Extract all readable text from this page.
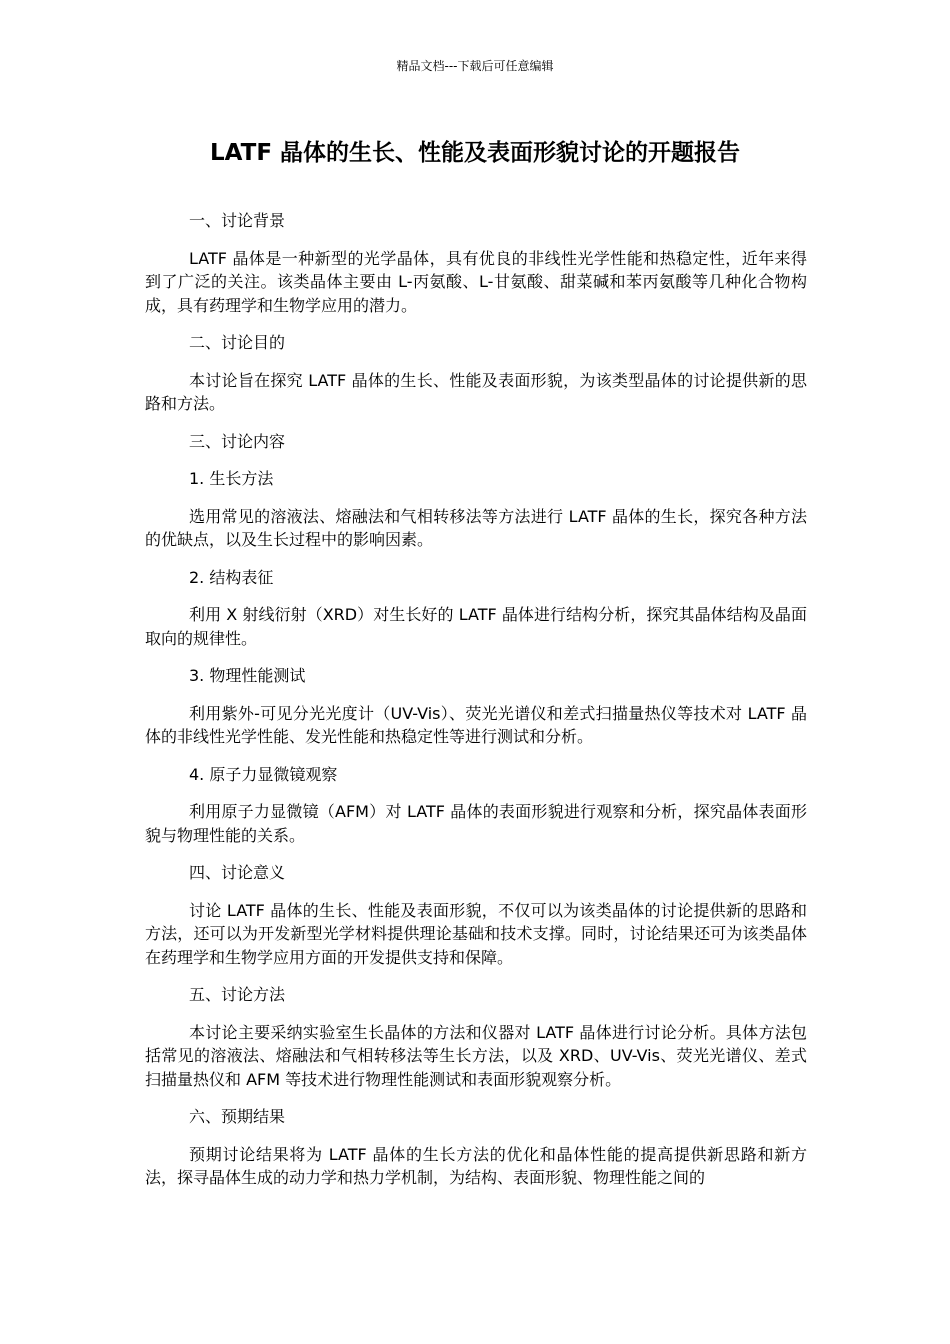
精品文档---下载后可任意编辑
LATF 晶体的生长、性能及表面形貌讨论的开题报告

一、讨论背景

LATF 晶体是一种新型的光学晶体，具有优良的非线性光学性能和热稳定性，近年来得到了广泛的关注。该类晶体主要由 L-丙氨酸、L-甘氨酸、甜菜碱和苯丙氨酸等几种化合物构成，具有药理学和生物学应用的潜力。

二、讨论目的

本讨论旨在探究 LATF 晶体的生长、性能及表面形貌，为该类型晶体的讨论提供新的思路和方法。

三、讨论内容

1. 生长方法

选用常见的溶液法、熔融法和气相转移法等方法进行 LATF 晶体的生长，探究各种方法的优缺点，以及生长过程中的影响因素。

2. 结构表征

利用 X 射线衍射（XRD）对生长好的 LATF 晶体进行结构分析，探究其晶体结构及晶面取向的规律性。

3. 物理性能测试

利用紫外-可见分光光度计（UV-Vis）、荧光光谱仪和差式扫描量热仪等技术对 LATF 晶体的非线性光学性能、发光性能和热稳定性等进行测试和分析。

4. 原子力显微镜观察

利用原子力显微镜（AFM）对 LATF 晶体的表面形貌进行观察和分析，探究晶体表面形貌与物理性能的关系。

四、讨论意义

讨论 LATF 晶体的生长、性能及表面形貌，不仅可以为该类晶体的讨论提供新的思路和方法，还可以为开发新型光学材料提供理论基础和技术支撑。同时，讨论结果还可为该类晶体在药理学和生物学应用方面的开发提供支持和保障。

五、讨论方法

本讨论主要采纳实验室生长晶体的方法和仪器对 LATF 晶体进行讨论分析。具体方法包括常见的溶液法、熔融法和气相转移法等生长方法，以及 XRD、UV-Vis、荧光光谱仪、差式扫描量热仪和 AFM 等技术进行物理性能测试和表面形貌观察分析。

六、预期结果

预期讨论结果将为 LATF 晶体的生长方法的优化和晶体性能的提高提供新思路和新方法，探寻晶体生成的动力学和热力学机制，为结构、表面形貌、物理性能之间的
